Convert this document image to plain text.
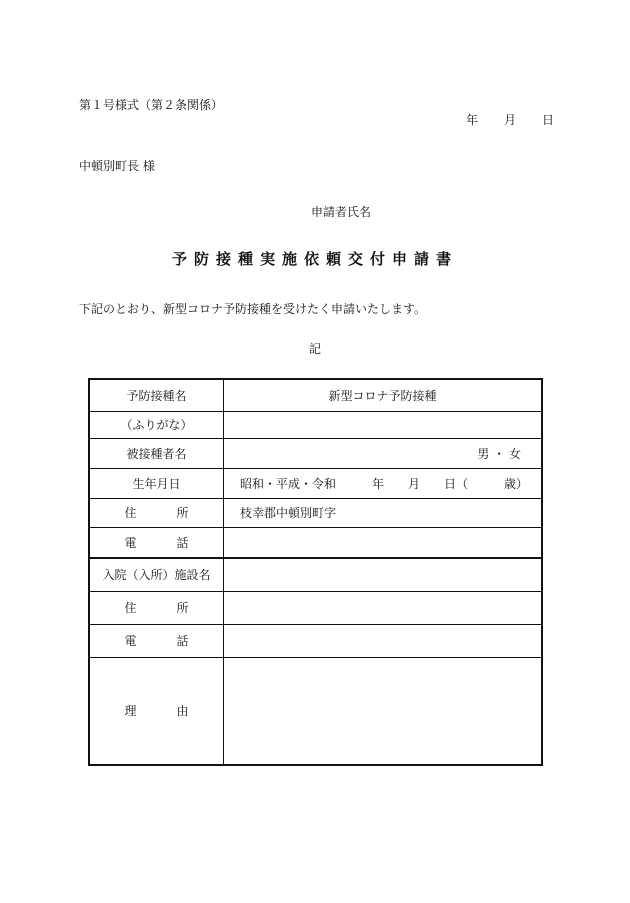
第１号様式（第２条関係）
年 月 日
中頓別町長 様
申請者氏名
予防接種実施依頼交付申請書
下記のとおり、新型コロナ予防接種を受けたく申請いたします。
記
予防接種名	新型コロナ予防接種
（ふりがな）	
被接種者名	男 ・ 女
生年月日	昭和・平成・令和　　　年　　月　　日（　　　歳）
住　所	枝幸郡中頓別町字
電　話	
入院（入所）施設名	
住　所	
電　話	
理　由	
